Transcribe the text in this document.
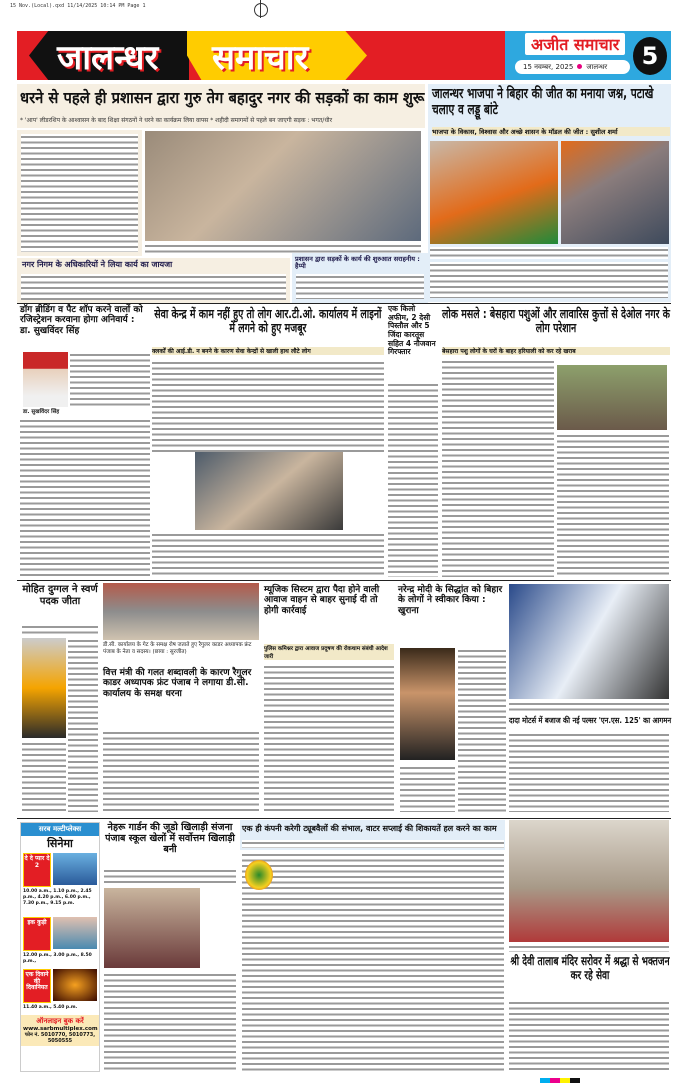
15 Nov.(Local).qxd 11/14/2025 10:14 PM Page 1
जालन्धर समाचार	अजीत समाचार
15 नवम्बर, 2025 जालन्धर	5
धरने से पहले ही प्रशासन द्वारा गुरु तेग बहादुर नगर की सड़कों का काम शुरू
* 'आप' लीडरशिप के आश्वासन के बाद शिक्षा संगठनों ने धरने का कार्यक्रम लिया वापस * शहीदी समागमों से पहले बन जाएगी सड़क : भगत/धीर
नगर निगम के अधिकारियों ने लिया कार्य का जायजा
प्रशासन द्वारा सड़कों के कार्य की शुरुआत सराहनीय : हैप्पी
जालन्धर भाजपा ने बिहार की जीत का मनाया जश्न, पटाखे चलाए व लड्डू बांटे
भाजपा के विकास, विश्वास और अच्छे शासन के मॉडल की जीत : सुशील शर्मा
डॉग ब्रीडिंग व पैट शॉप करने वालों को रजिस्ट्रेशन करवाना होगा अनिवार्य : डा. सुखविंदर सिंह
डा. सुखविंदर सिंह
सेवा केन्द्र में काम नहीं हुए तो लोग आर.टी.ओ. कार्यालय में लाइनों में लगने को हुए मजबूर
क्लर्कों की आई.डी. न बनने के कारण सेवा केन्द्रों से खाली हाथ लौटे लोग
एक किलो अफीम, 2 देसी पिस्तौल और 5 जिंदा कारतूस सहित 4 नौजवान गिरफ्तार
लोक मसले : बेसहारा पशुओं और लावारिस कुत्तों से देओल नगर के लोग परेशान
बेसहारा पशु लोगों के घरों के बाहर हरियाली को कर रहे खराब
मोहित दुग्गल ने स्वर्ण पदक जीता
डी.सी. कार्यालय के गेट के समक्ष रोष जताते हुए रैगुलर काडर अध्यापक फ्रंट पंजाब के नेता व सदस्य। (छाया : सुरजीत)
वित्त मंत्री की गलत शब्दावली के कारण रैगुलर काडर अध्यापक फ्रंट पंजाब ने लगाया डी.सी. कार्यालय के समक्ष धरना
म्यूजिक सिस्टम द्वारा पैदा होने वाली आवाज वाहन से बाहर सुनाई दी तो होगी कार्रवाई
पुलिस कमिश्नर द्वारा आवाज प्रदूषण की रोकथाम संबंधी आदेश जारी
नरेन्द्र मोदी के सिद्धांत को बिहार के लोगों ने स्वीकार किया : खुराना
दादा मोटर्स में बजाज की नई पल्सर 'एन.एस. 125' का आगमन
सरब मल्टीप्लेक्स
सिनेमा
दे दे प्यार दे 2
10.00 a.m., 1.10 p.m., 2.45 p.m., 4.20 p.m., 6.00 p.m., 7.30 p.m., 9.15 p.m.
इक कुड़ी
12.00 p.m., 3.00 p.m., 8.50 p.m.,
एक दिवाने की दिवानियत
11.40 a.m., 5.40 p.m.
ऑनलाइन बुक करें
www.sarbmultiplex.com
फोन नं. 5010770, 5010773,
5050555
नेहरू गार्डन की जूडो खिलाड़ी संजना पंजाब स्कूल खेलों में सर्वोत्तम खिलाड़ी बनी
एक ही कंपनी करेगी ट्यूबवैलों की संभाल, वाटर सप्लाई की शिकायतें हल करने का काम
श्री देवी तालाब मंदिर सरोवर में श्रद्धा से भक्तजन कर रहे सेवा
